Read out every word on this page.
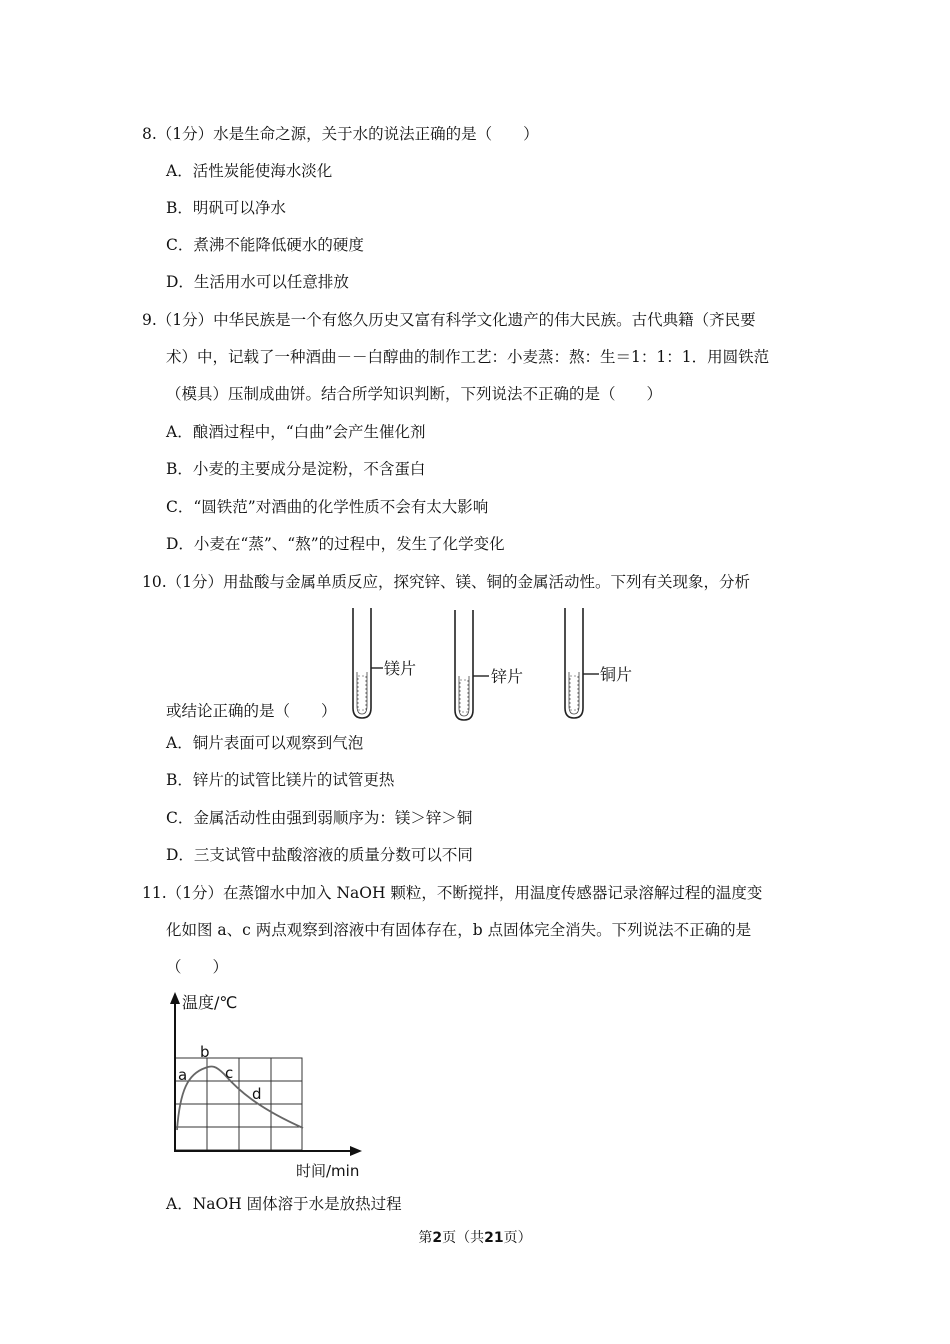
8.（1分）水是生命之源，关于水的说法正确的是（　　）
A．活性炭能使海水淡化
B．明矾可以净水
C．煮沸不能降低硬水的硬度
D．生活用水可以任意排放
9.（1分）中华民族是一个有悠久历史又富有科学文化遗产的伟大民族。古代典籍（齐民要
术）中，记载了一种酒曲－－白醇曲的制作工艺：小麦蒸：熬：生＝1：1：1．用圆铁范
（模具）压制成曲饼。结合所学知识判断，下列说法不正确的是（　　）
A．酿酒过程中，“白曲”会产生催化剂
B．小麦的主要成分是淀粉，不含蛋白
C．“圆铁范”对酒曲的化学性质不会有太大影响
D．小麦在“蒸”、“熬”的过程中，发生了化学变化
10.（1分）用盐酸与金属单质反应，探究锌、镁、铜的金属活动性。下列有关现象，分析
镁片	锌片	铜片
或结论正确的是（　　）
A．铜片表面可以观察到气泡
B．锌片的试管比镁片的试管更热
C．金属活动性由强到弱顺序为：镁＞锌＞铜
D．三支试管中盐酸溶液的质量分数可以不同
11.（1分）在蒸馏水中加入 NaOH 颗粒，不断搅拌，用温度传感器记录溶解过程的温度变
化如图 a、c 两点观察到溶液中有固体存在，b 点固体完全消失。下列说法不正确的是
（　　）
温度/℃
时间/min
a
b
c
d
A．NaOH 固体溶于水是放热过程
第2页（共21页）
